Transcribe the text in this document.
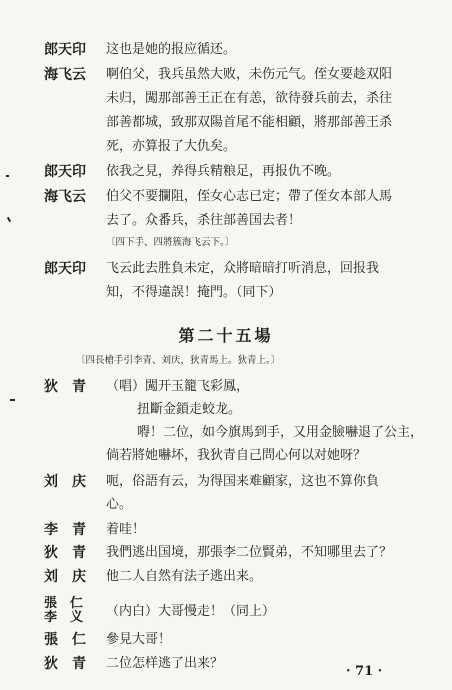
郎天印 这也是她的报应循还。
海飞云 啊伯父，我兵虽然大败，未伤元气。侄女要趁双阳
未归，闖那部善王正在有恙，欲待發兵前去，杀往
部善都城，致那双陽首尾不能相顧，將那部善王杀
死，亦算报了大仇矣。
郎天印 依我之見，养得兵精粮足，再报仇不晚。
海飞云 伯父不要攔阻，侄女心志已定；帶了侄女本部人馬
去了。众番兵，杀往部善国去者！
〔四下手、四將簇海飞云下。〕
郎天印 飞云此去胜負未定，众將暗暗打听消息，回报我
知，不得違誤！掩門。（同下）
第二十五場
〔四長槍手引李青、刘庆，狄青馬上。狄青上。〕
狄　青 （唱）闖开玉籠飞彩鳳，
扭斷金鎖走蛟龙。
嘚！二位，如今旗馬到手，又用金臉嚇退了公主，
倘若將她嚇坏，我狄青自己問心何以对她呀？
刘　庆 呃，俗語有云，为得国来难顧家，这也不算你負
心。
李　青 着哇！
狄　青 我們逃出国境，那張李二位賢弟，不知哪里去了？
刘　庆 他二人自然有法子逃出来。
張　仁
李　义 （内白）大哥慢走！（同上）
張　仁 參見大哥！
狄　青 二位怎样逃了出来？
· 71 ·
